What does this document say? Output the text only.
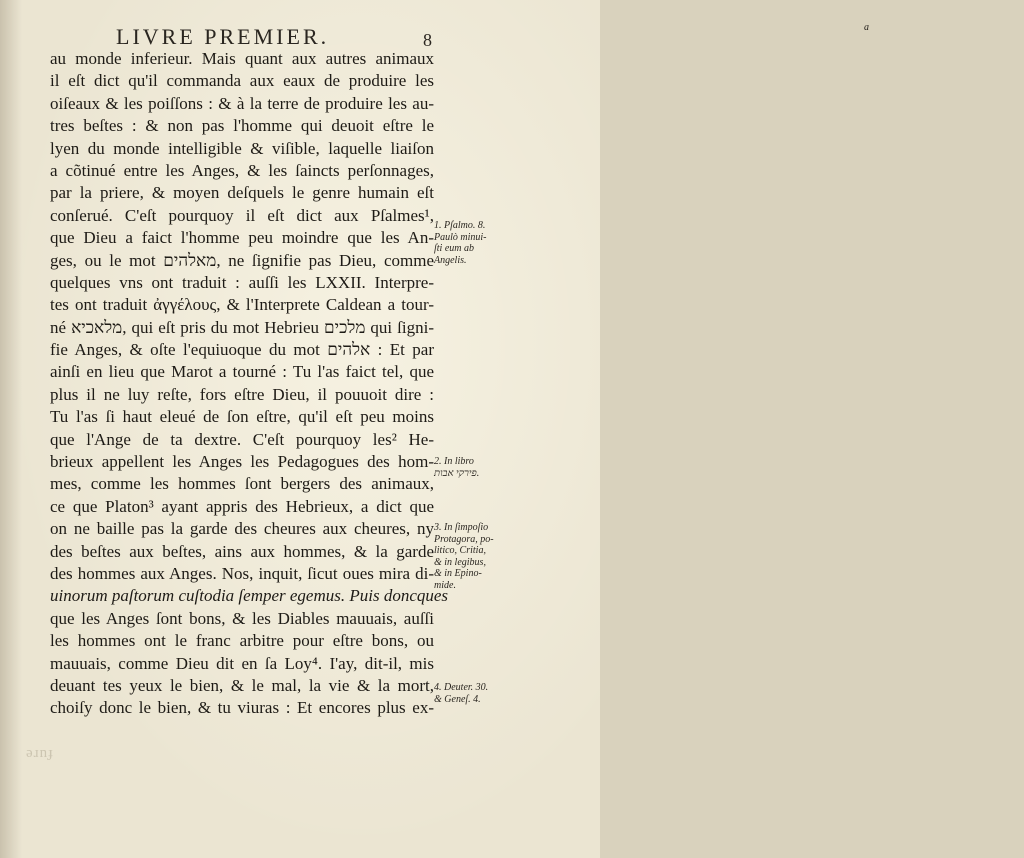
LIVRE PREMIER.	8
au monde inferieur. Mais quant aux autres animaux
il eſt dict qu'il commanda aux eaux de produire les
oiſeaux & les poiſſons : & à la terre de produire les au-
tres beſtes : & non pas l'homme qui deuoit eſtre le
lyen du monde intelligible & viſible, laquelle liaiſon
a cõtinué entre les Anges, & les ſaincts perſonnages,
par la priere, & moyen deſquels le genre humain eſt
conſerué. C'eſt pourquoy il eſt dict aux Pſalmes¹,
que Dieu a faict l'homme peu moindre que les An-
ges, ou le mot מאלהים, ne ſignifie pas Dieu, comme
quelques vns ont traduit : auſſi les LXXII. Interpre-
tes ont traduit ἀγγέλους, & l'Interprete Caldean a tour-
né מלאכיא, qui eſt pris du mot Hebrieu מלכים qui ſigni-
fie Anges, & oſte l'equiuoque du mot אלהים : Et par
ainſi en lieu que Marot a tourné : Tu l'as faict tel, que
plus il ne luy reſte, fors eſtre Dieu, il pouuoit dire :
Tu l'as ſi haut eleué de ſon eſtre, qu'il eſt peu moins
que l'Ange de ta dextre. C'eſt pourquoy les² He-
brieux appellent les Anges les Pedagogues des hom-
mes, comme les hommes ſont bergers des animaux,
ce que Platon³ ayant appris des Hebrieux, a dict que
on ne baille pas la garde des cheures aux cheures, ny
des beſtes aux beſtes, ains aux hommes, & la garde
des hommes aux Anges. Nos, inquit, ſicut oues mira di-
uinorum paſtorum cuſtodia ſemper egemus. Puis doncques
que les Anges ſont bons, & les Diables mauuais, auſſi
les hommes ont le franc arbitre pour eſtre bons, ou
mauuais, comme Dieu dit en ſa Loy⁴. I'ay, dit-il, mis
deuant tes yeux le bien, & le mal, la vie & la mort,
choiſy donc le bien, & tu viuras : Et encores plus ex-
a
1. Pſalmo. 8.
Paulò minui-
ſti eum ab
Angelis.
2. In libro
פירקי אבות.
3. In ſimpoſio
Protagora, po-
litico, Critia,
& in legibus,
& in Epino-
mide.
4. Deuter. 30.
& Geneſ. 4.
ǝɹnɟ
